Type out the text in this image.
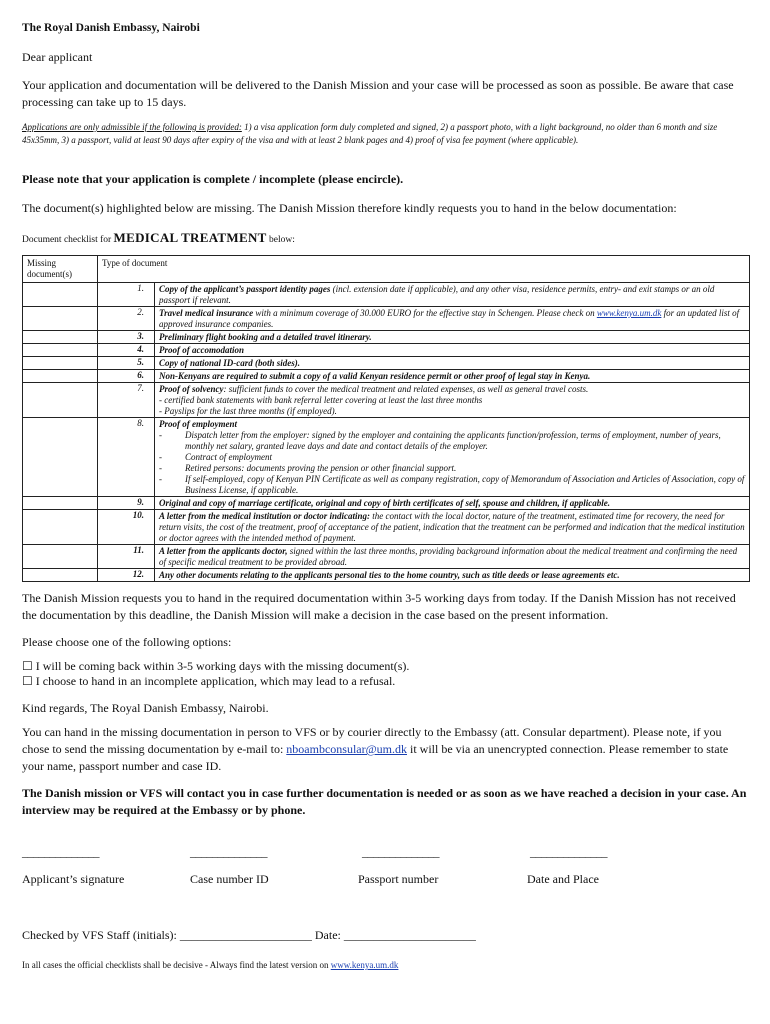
The Royal Danish Embassy, Nairobi
Dear applicant
Your application and documentation will be delivered to the Danish Mission and your case will be processed as soon as possible. Be aware that case processing can take up to 15 days.
Applications are only admissible if the following is provided: 1) a visa application form duly completed and signed, 2) a passport photo, with a light background, no older than 6 month and size 45x35mm, 3) a passport, valid at least 90 days after expiry of the visa and with at least 2 blank pages and 4) proof of visa fee payment (where applicable).
Please note that your application is complete / incomplete (please encircle).
The document(s) highlighted below are missing. The Danish Mission therefore kindly requests you to hand in the below documentation:
Document checklist for MEDICAL TREATMENT below:
Missing document(s)	Type of document	
	1.	Copy of the applicant’s passport identity pages (incl. extension date if applicable), and any other visa, residence permits, entry- and exit stamps or an old passport if relevant.
	2.	Travel medical insurance with a minimum coverage of 30.000 EURO for the effective stay in Schengen. Please check on www.kenya.um.dk for an updated list of approved insurance companies.
	3.	Preliminary flight booking and a detailed travel itinerary.
	4.	Proof of accomodation
	5.	Copy of national ID-card (both sides).
	6.	Non-Kenyans are required to submit a copy of a valid Kenyan residence permit or other proof of legal stay in Kenya.
	7.	Proof of solvency: sufficient funds to cover the medical treatment and related expenses, as well as general travel costs.
- certified bank statements with bank referral letter covering at least the last three months
- Payslips for the last three months (if employed).

	8.	Proof of employment
- Dispatch letter from the employer: signed by the employer and containing the applicants function/profession, terms of employment, number of years, monthly net salary, granted leave days and date and contact details of the employer.
- Contract of employment
- Retired persons: documents proving the pension or other financial support.
- If self-employed, copy of Kenyan PIN Certificate as well as company registration, copy of Memorandum of Association and Articles of Association, copy of Business License, if applicable.

	9.	Original and copy of marriage certificate, original and copy of birth certificates of self, spouse and children, if applicable.
	10.	A letter from the medical institution or doctor indicating: the contact with the local doctor, nature of the treatment, estimated time for recovery, the need for return visits, the cost of the treatment, proof of acceptance of the patient, indication that the treatment can be performed and indication that the medical institution or doctor agrees with the intended method of payment.
	11.	A letter from the applicants doctor, signed within the last three months, providing background information about the medical treatment and confirming the need of specific medical treatment to be provided abroad.
	12.	Any other documents relating to the applicants personal ties to the home country, such as title deeds or lease agreements etc.
The Danish Mission requests you to hand in the required documentation within 3-5 working days from today. If the Danish Mission has not received the documentation by this deadline, the Danish Mission will make a decision in the case based on the present information.
Please choose one of the following options:
☐ I will be coming back within 3-5 working days with the missing document(s).
☐ I choose to hand in an incomplete application, which may lead to a refusal.
Kind regards, The Royal Danish Embassy, Nairobi.
You can hand in the missing documentation in person to VFS or by courier directly to the Embassy (att. Consular department). Please note, if you chose to send the missing documentation by e-mail to: nboambconsular@um.dk it will be via an unencrypted connection. Please remember to state your name, passport number and case ID.
The Danish mission or VFS will contact you in case further documentation is needed or as soon as we have reached a decision in your case. An interview may be required at the Embassy or by phone.
______________	______________	______________	______________
Applicant’s signature	Case number ID	Passport number	Date and Place
Checked by VFS Staff (initials): ______________________ Date: ______________________
In all cases the official checklists shall be decisive - Always find the latest version on www.kenya.um.dk
